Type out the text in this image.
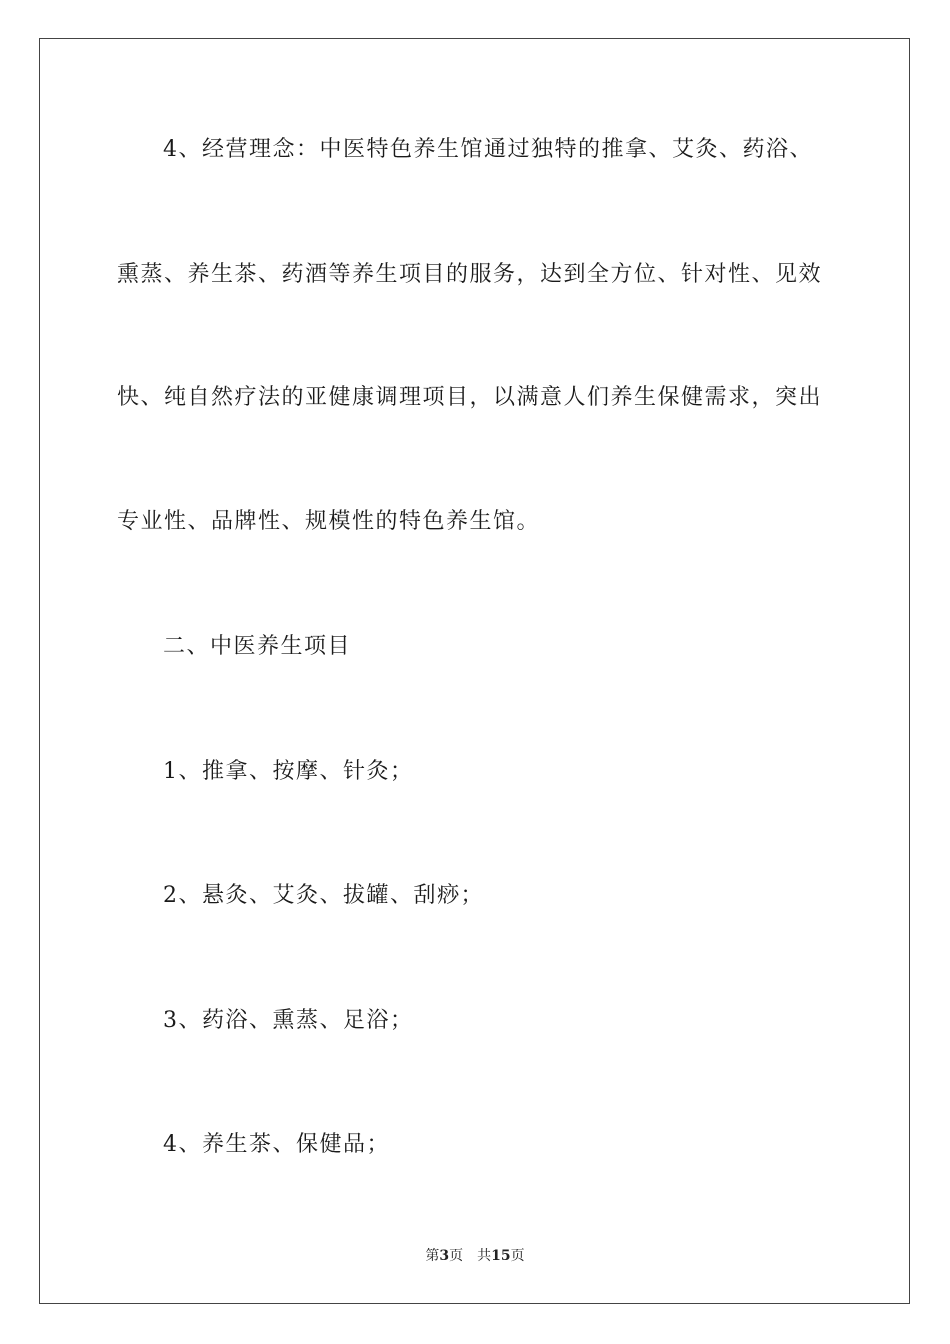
4、经营理念：中医特色养生馆通过独特的推拿、艾灸、药浴、
熏蒸、养生茶、药酒等养生项目的服务，达到全方位、针对性、见效
快、纯自然疗法的亚健康调理项目，以满意人们养生保健需求，突出
专业性、品牌性、规模性的特色养生馆。
二、中医养生项目
1、推拿、按摩、针灸；
2、悬灸、艾灸、拔罐、刮痧；
3、药浴、熏蒸、足浴；
4、养生茶、保健品；
第3页 共15页
